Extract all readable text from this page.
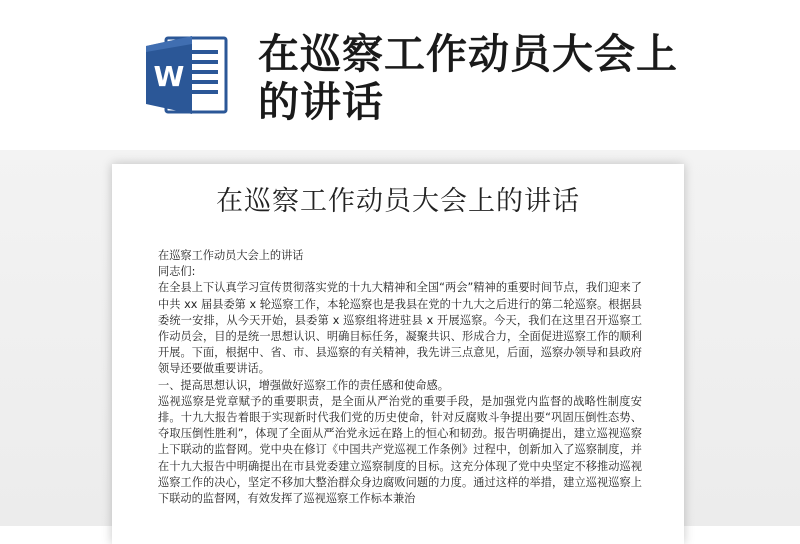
W 在巡察工作动员大会上的讲话
在巡察工作动员大会上的讲话

在巡察工作动员大会上的讲话

同志们:

在全县上下认真学习宣传贯彻落实党的十九大精神和全国“两会”精神的重要时间节点，我们迎来了中共 xx 届县委第 x 轮巡察工作，本轮巡察也是我县在党的十九大之后进行的第二轮巡察。根据县委统一安排，从今天开始，县委第 x 巡察组将进驻县 x 开展巡察。今天，我们在这里召开巡察工作动员会，目的是统一思想认识、明确目标任务，凝聚共识、形成合力，全面促进巡察工作的顺利开展。下面，根据中、省、市、县巡察的有关精神，我先讲三点意见，后面，巡察办领导和县政府领导还要做重要讲话。

一、提高思想认识，增强做好巡察工作的责任感和使命感。

巡视巡察是党章赋予的重要职责，是全面从严治党的重要手段，是加强党内监督的战略性制度安排。十九大报告着眼于实现新时代我们党的历史使命，针对反腐败斗争提出要“巩固压倒性态势、夺取压倒性胜利”，体现了全面从严治党永远在路上的恒心和韧劲。报告明确提出，建立巡视巡察上下联动的监督网。党中央在修订《中国共产党巡视工作条例》过程中，创新加入了巡察制度，并在十九大报告中明确提出在市县党委建立巡察制度的目标。这充分体现了党中央坚定不移推动巡视巡察工作的决心，坚定不移加大整治群众身边腐败问题的力度。通过这样的举措，建立巡视巡察上下联动的监督网，有效发挥了巡视巡察工作标本兼治
